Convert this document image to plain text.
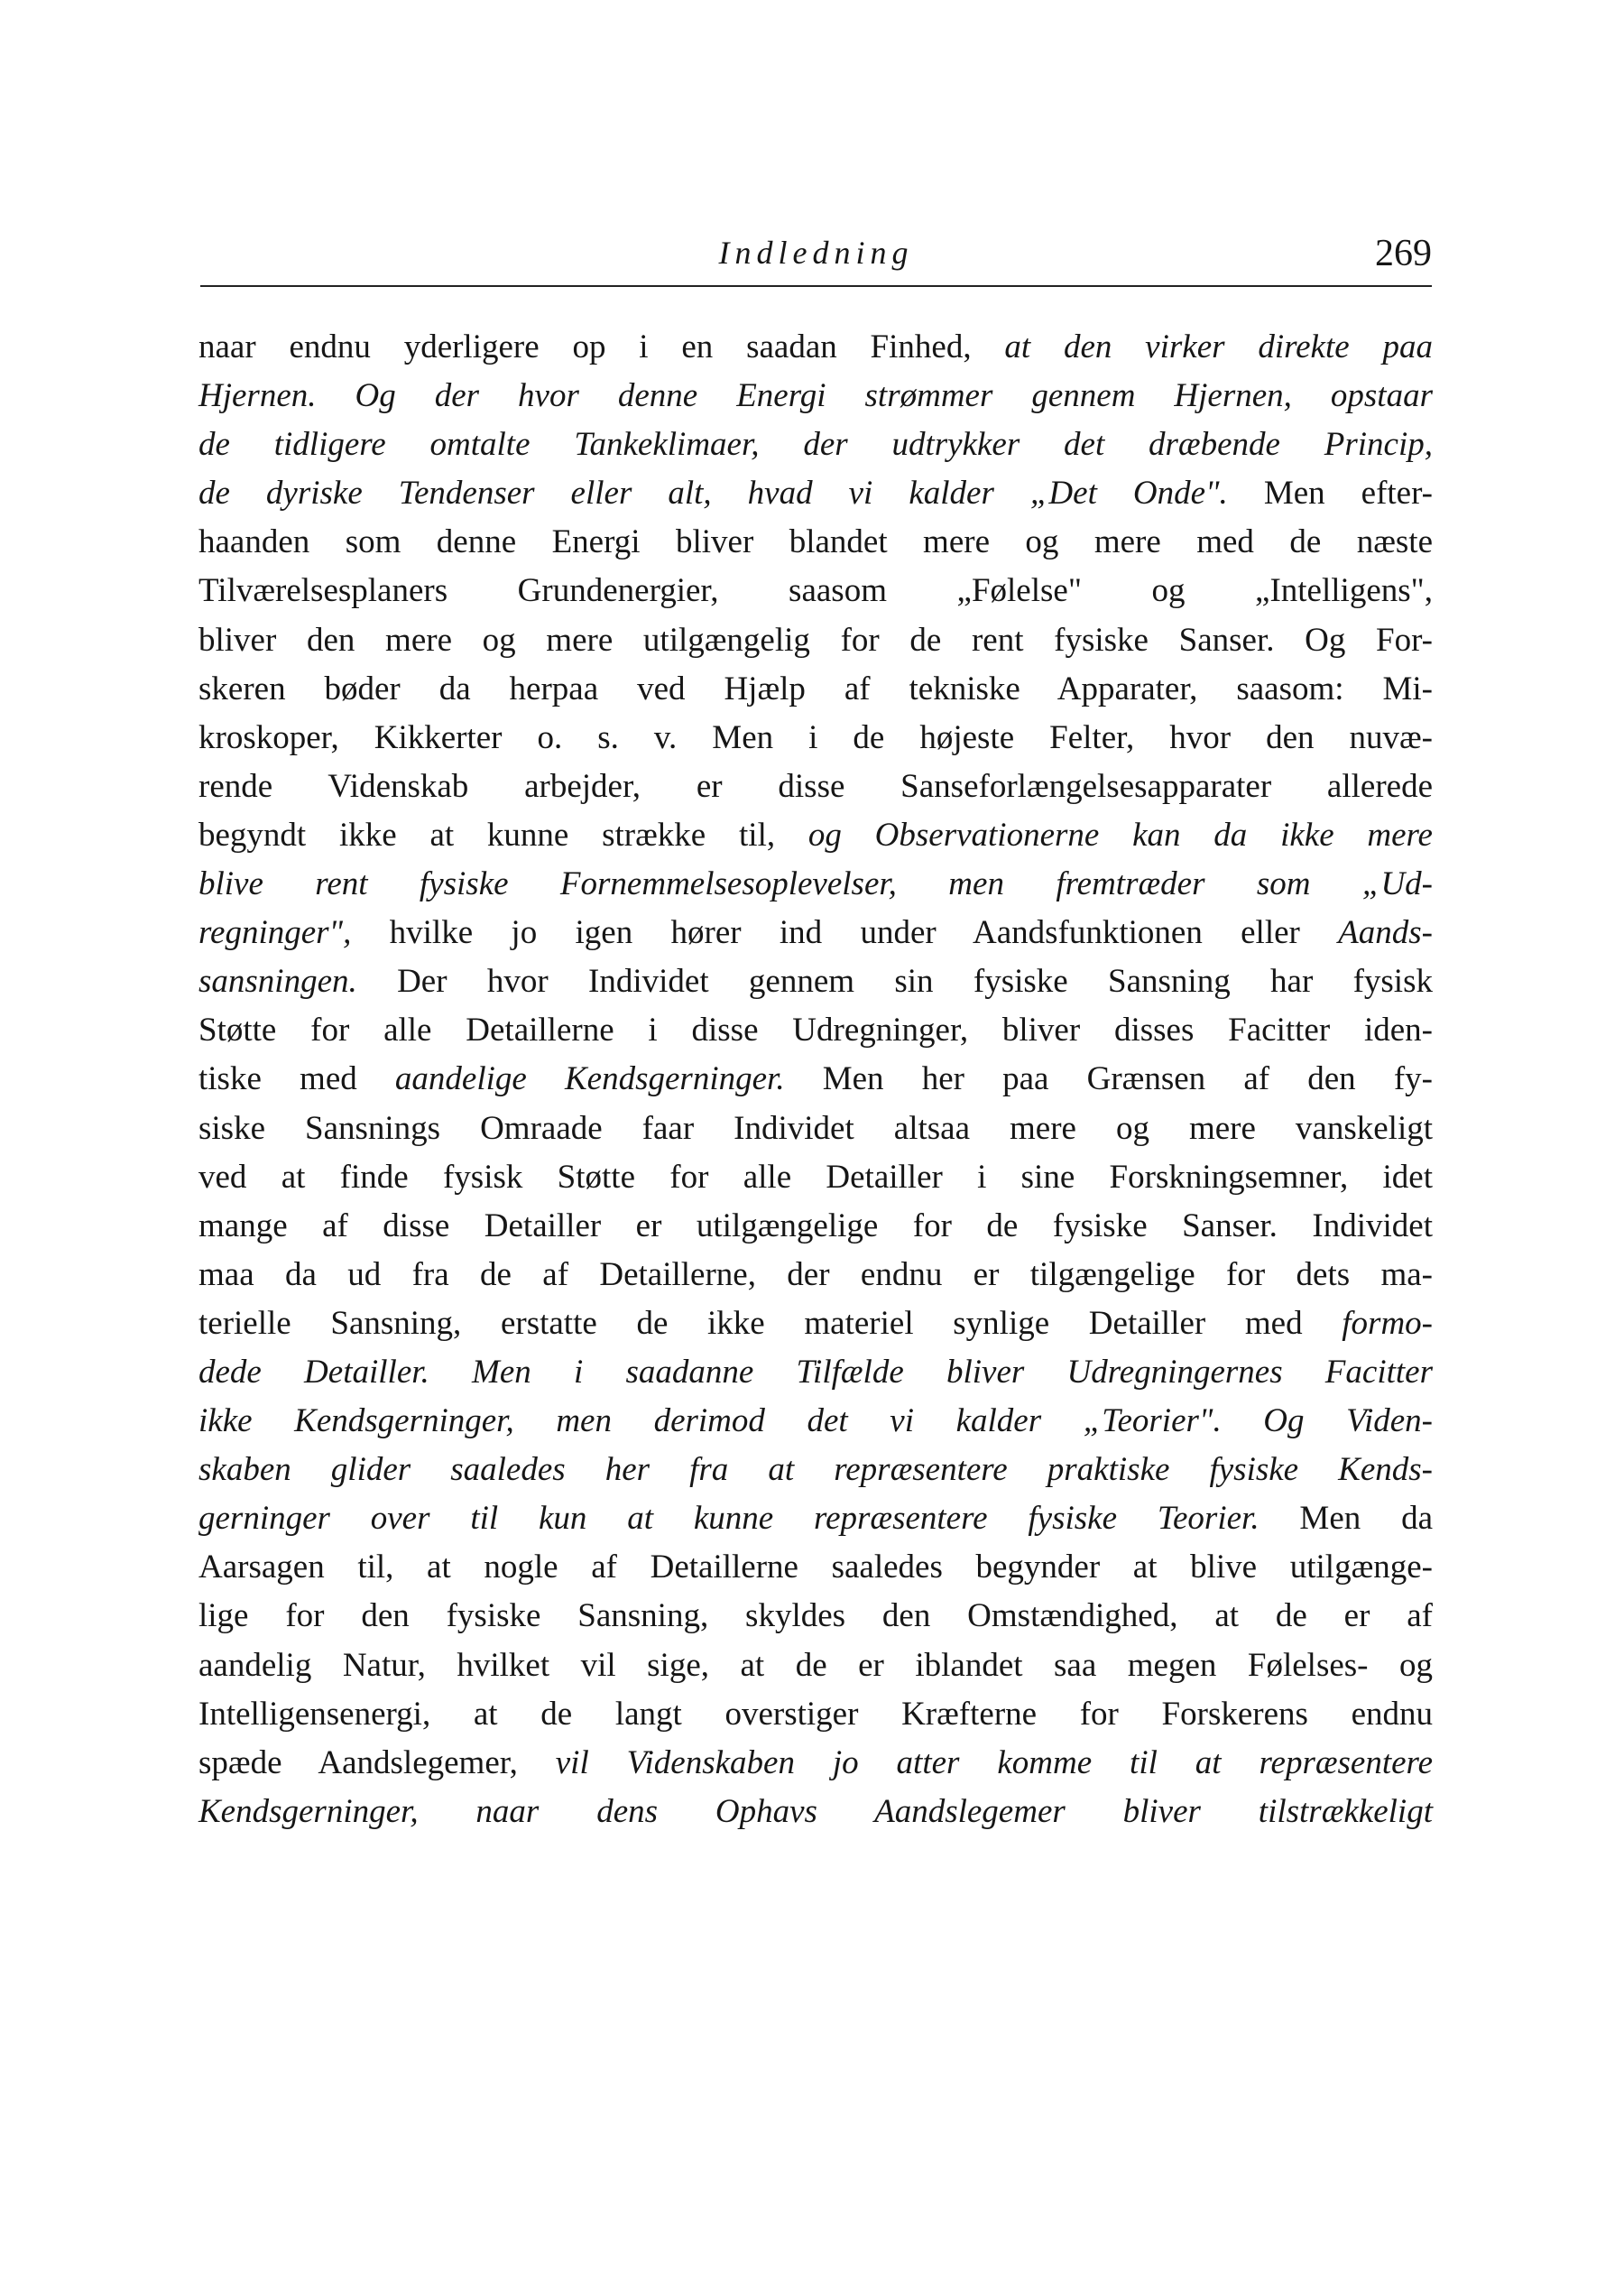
Indledning	269
naar endnu yderligere op i en saadan Finhed, at den virker direkte paa
Hjernen. Og der hvor denne Energi strømmer gennem Hjernen, opstaar
de tidligere omtalte Tankeklimaer, der udtrykker det dræbende Princip,
de dyriske Tendenser eller alt, hvad vi kalder „Det Onde". Men efter-
haanden som denne Energi bliver blandet mere og mere med de næste
Tilværelsesplaners Grundenergier, saasom „Følelse" og „Intelligens",
bliver den mere og mere utilgængelig for de rent fysiske Sanser. Og For-
skeren bøder da herpaa ved Hjælp af tekniske Apparater, saasom: Mi-
kroskoper, Kikkerter o. s. v. Men i de højeste Felter, hvor den nuvæ-
rende Videnskab arbejder, er disse Sanseforlængelsesapparater allerede
begyndt ikke at kunne strække til, og Observationerne kan da ikke mere
blive rent fysiske Fornemmelsesoplevelser, men fremtræder som „Ud-
regninger", hvilke jo igen hører ind under Aandsfunktionen eller Aands-
sansningen. Der hvor Individet gennem sin fysiske Sansning har fysisk
Støtte for alle Detaillerne i disse Udregninger, bliver disses Facitter iden-
tiske med aandelige Kendsgerninger. Men her paa Grænsen af den fy-
siske Sansnings Omraade faar Individet altsaa mere og mere vanskeligt
ved at finde fysisk Støtte for alle Detailler i sine Forskningsemner, idet
mange af disse Detailler er utilgængelige for de fysiske Sanser. Individet
maa da ud fra de af Detaillerne, der endnu er tilgængelige for dets ma-
terielle Sansning, erstatte de ikke materiel synlige Detailler med formo-
dede Detailler. Men i saadanne Tilfælde bliver Udregningernes Facitter
ikke Kendsgerninger, men derimod det vi kalder „Teorier". Og Viden-
skaben glider saaledes her fra at repræsentere praktiske fysiske Kends-
gerninger over til kun at kunne repræsentere fysiske Teorier. Men da
Aarsagen til, at nogle af Detaillerne saaledes begynder at blive utilgænge-
lige for den fysiske Sansning, skyldes den Omstændighed, at de er af
aandelig Natur, hvilket vil sige, at de er iblandet saa megen Følelses- og
Intelligensenergi, at de langt overstiger Kræfterne for Forskerens endnu
spæde Aandslegemer, vil Videnskaben jo atter komme til at repræsentere
Kendsgerninger, naar dens Ophavs Aandslegemer bliver tilstrækkeligt
